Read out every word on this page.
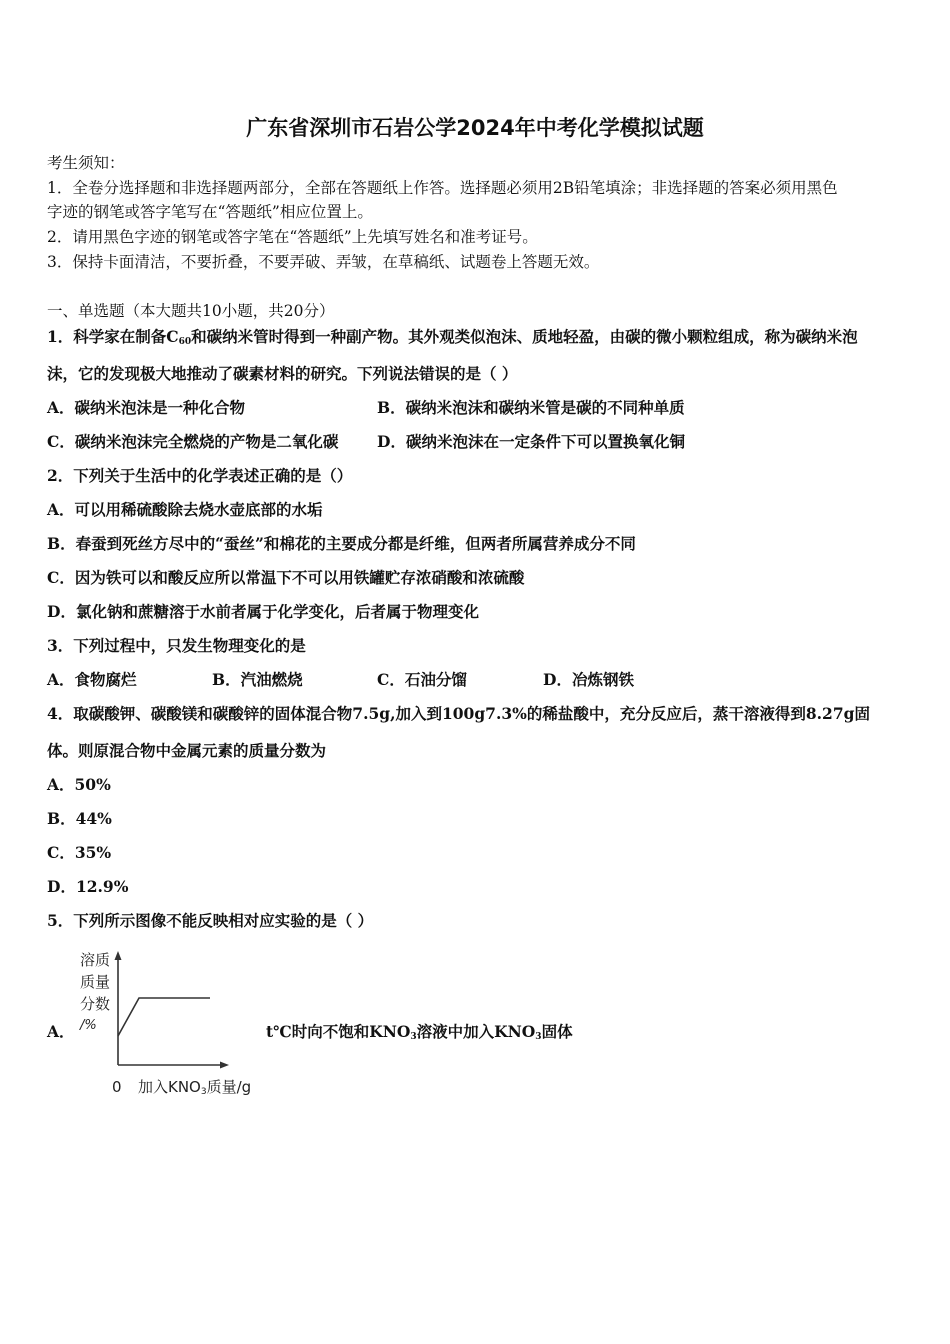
广东省深圳市石岩公学2024年中考化学模拟试题
考生须知：
1．全卷分选择题和非选择题两部分，全部在答题纸上作答。选择题必须用2B铅笔填涂；非选择题的答案必须用黑色
字迹的钢笔或答字笔写在“答题纸”相应位置上。
2．请用黑色字迹的钢笔或答字笔在“答题纸”上先填写姓名和准考证号。
3．保持卡面清洁，不要折叠，不要弄破、弄皱，在草稿纸、试题卷上答题无效。
一、单选题（本大题共10小题，共20分）
1．科学家在制备$C_{60}$和碳纳米管时得到一种副产物。其外观类似泡沫、质地轻盈，由碳的微小颗粒组成，称为碳纳米泡
沫，它的发现极大地推动了碳素材料的研究。下列说法错误的是（ ）
A．碳纳米泡沫是一种化合物	B．碳纳米泡沫和碳纳米管是碳的不同种单质
C．碳纳米泡沫完全燃烧的产物是二氧化碳 D．碳纳米泡沫在一定条件下可以置换氧化铜
2．下列关于生活中的化学表述正确的是（）
A．可以用稀硫酸除去烧水壶底部的水垢
B．春蚕到死丝方尽中的“蚕丝”和棉花的主要成分都是纤维，但两者所属营养成分不同
C．因为铁可以和酸反应所以常温下不可以用铁罐贮存浓硝酸和浓硫酸
D．氯化钠和蔗糖溶于水前者属于化学变化，后者属于物理变化
3．下列过程中，只发生物理变化的是
A．食物腐烂	B．汽油燃烧	C．石油分馏	D．冶炼钢铁
4．取碳酸钾、碳酸镁和碳酸锌的固体混合物7.5g,加入到100g7.3%的稀盐酸中，充分反应后，蒸干溶液得到8.27g固
体。则原混合物中金属元素的质量分数为
A．50%
B．44%
C．35%
D．12.9%
5．下列所示图像不能反映相对应实验的是（ ）
A．
溶质
质量
分数
/%
0 加入$KNO_3$质量/g
t℃时向不饱和$KNO_3$溶液中加入$KNO_3$固体
